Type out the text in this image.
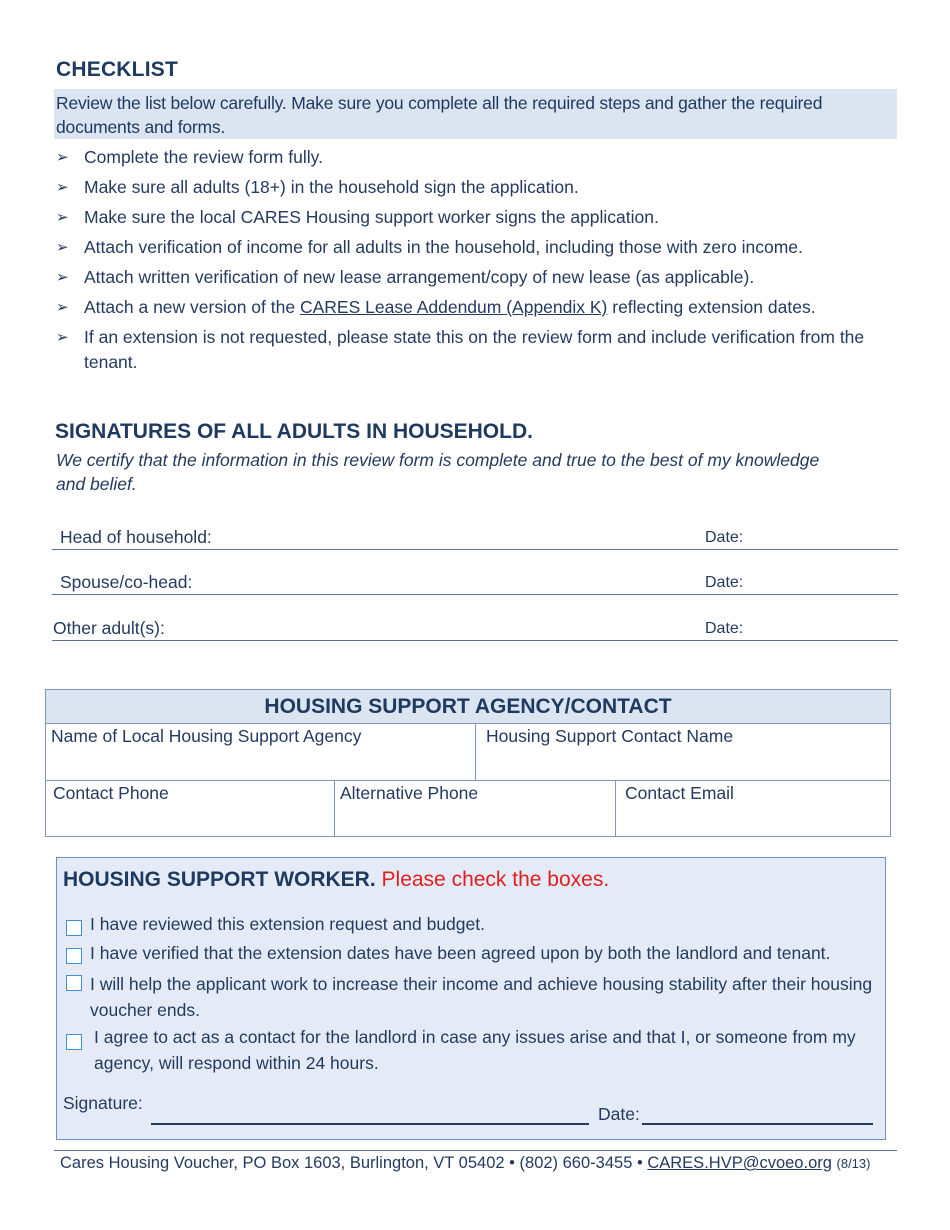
CHECKLIST
Review the list below carefully. Make sure you complete all the required steps and gather the required documents and forms.
➢ Complete the review form fully.
➢ Make sure all adults (18+) in the household sign the application.
➢ Make sure the local CARES Housing support worker signs the application.
➢ Attach verification of income for all adults in the household, including those with zero income.
➢ Attach written verification of new lease arrangement/copy of new lease (as applicable).
➢ Attach a new version of the CARES Lease Addendum (Appendix K) reflecting extension dates.
➢ If an extension is not requested, please state this on the review form and include verification from the tenant.
SIGNATURES OF ALL ADULTS IN HOUSEHOLD.
We certify that the information in this review form is complete and true to the best of my knowledge and belief.
Head of household:	Date:
Spouse/co-head:	Date:
Other adult(s):	Date:
HOUSING SUPPORT AGENCY/CONTACT
Name of Local Housing Support Agency	Housing Support Contact Name
Contact Phone	Alternative Phone	Contact Email
HOUSING SUPPORT WORKER. Please check the boxes.
I have reviewed this extension request and budget.
I have verified that the extension dates have been agreed upon by both the landlord and tenant.
I will help the applicant work to increase their income and achieve housing stability after their housing voucher ends.
I agree to act as a contact for the landlord in case any issues arise and that I, or someone from my agency, will respond within 24 hours.
Signature:
Date:
Cares Housing Voucher, PO Box 1603, Burlington, VT 05402 • (802) 660-3455 • CARES.HVP@cvoeo.org (8/13)
